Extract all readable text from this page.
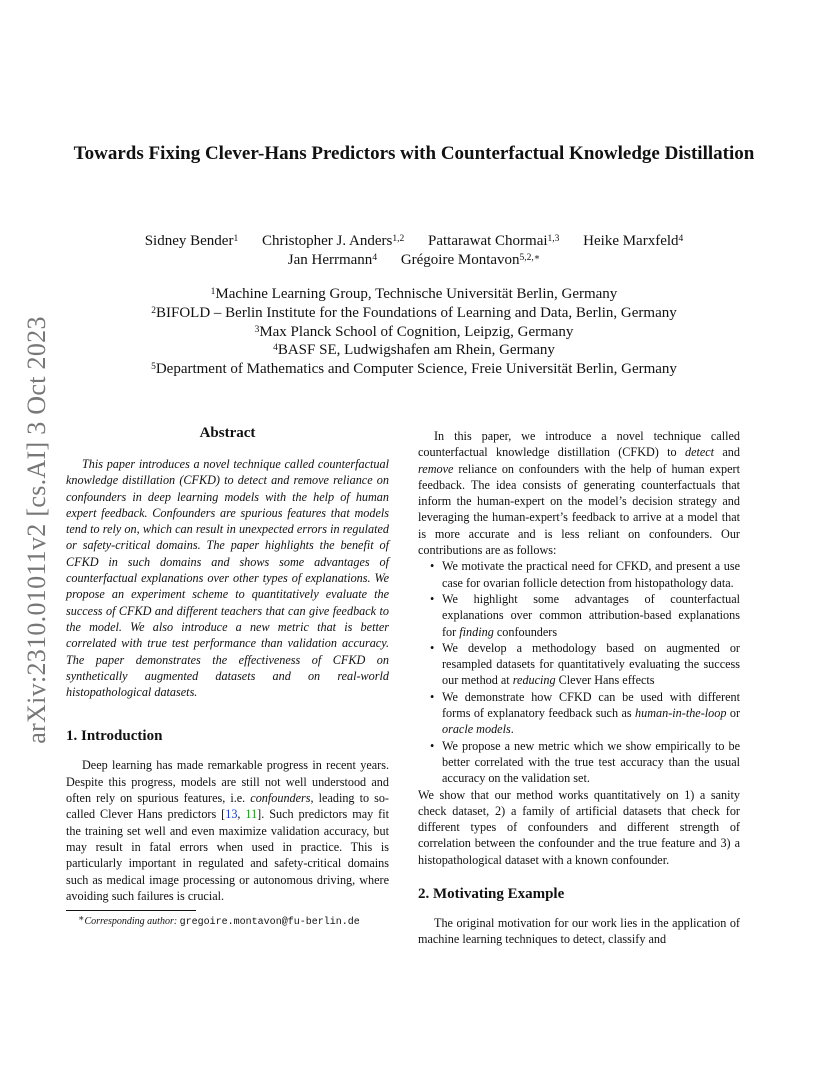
arXiv:2310.01011v2 [cs.AI] 3 Oct 2023
Towards Fixing Clever-Hans Predictors with Counterfactual Knowledge Distillation
Sidney Bender$^1$ Christopher J. Anders$^{1,2}$ Pattarawat Chormai$^{1,3}$ Heike Marxfeld$^4$
Jan Herrmann$^4$ Grégoire Montavon$^{5,2,∗}$
$^1$Machine Learning Group, Technische Universität Berlin, Germany
$^2$BIFOLD – Berlin Institute for the Foundations of Learning and Data, Berlin, Germany
$^3$Max Planck School of Cognition, Leipzig, Germany
$^4$BASF SE, Ludwigshafen am Rhein, Germany
$^5$Department of Mathematics and Computer Science, Freie Universität Berlin, Germany
Abstract

This paper introduces a novel technique called counterfactual knowledge distillation (CFKD) to detect and remove reliance on confounders in deep learning models with the help of human expert feedback. Confounders are spurious features that models tend to rely on, which can result in unexpected errors in regulated or safety-critical domains. The paper highlights the benefit of CFKD in such domains and shows some advantages of counterfactual explanations over other types of explanations. We propose an experiment scheme to quantitatively evaluate the success of CFKD and different teachers that can give feedback to the model. We also introduce a new metric that is better correlated with true test performance than validation accuracy. The paper demonstrates the effectiveness of CFKD on synthetically augmented datasets and on real-world histopathological datasets.

1. Introduction

Deep learning has made remarkable progress in recent years. Despite this progress, models are still not well understood and often rely on spurious features, i.e. confounders, leading to so-called Clever Hans predictors [13, 11]. Such predictors may fit the training set well and even maximize validation accuracy, but may result in fatal errors when used in practice. This is particularly important in regulated and safety-critical domains such as medical image processing or autonomous driving, where avoiding such failures is crucial.

∗Corresponding author: gregoire.montavon@fu-berlin.de

In this paper, we introduce a novel technique called counterfactual knowledge distillation (CFKD) to detect and remove reliance on confounders with the help of human expert feedback. The idea consists of generating counterfactuals that inform the human-expert on the model’s decision strategy and leveraging the human-expert’s feedback to arrive at a model that is more accurate and is less reliant on confounders. Our contributions are as follows:

• We motivate the practical need for CFKD, and present a use case for ovarian follicle detection from histopathology data.
• We highlight some advantages of counterfactual explanations over common attribution-based explanations for finding confounders
• We develop a methodology based on augmented or resampled datasets for quantitatively evaluating the success our method at reducing Clever Hans effects
• We demonstrate how CFKD can be used with different forms of explanatory feedback such as human-in-the-loop or oracle models.
• We propose a new metric which we show empirically to be better correlated with the true test accuracy than the usual accuracy on the validation set.

We show that our method works quantitatively on 1) a sanity check dataset, 2) a family of artificial datasets that check for different types of confounders and different strength of correlation between the confounder and the true feature and 3) a histopathological dataset with a known confounder.

2. Motivating Example

The original motivation for our work lies in the application of machine learning techniques to detect, classify and
